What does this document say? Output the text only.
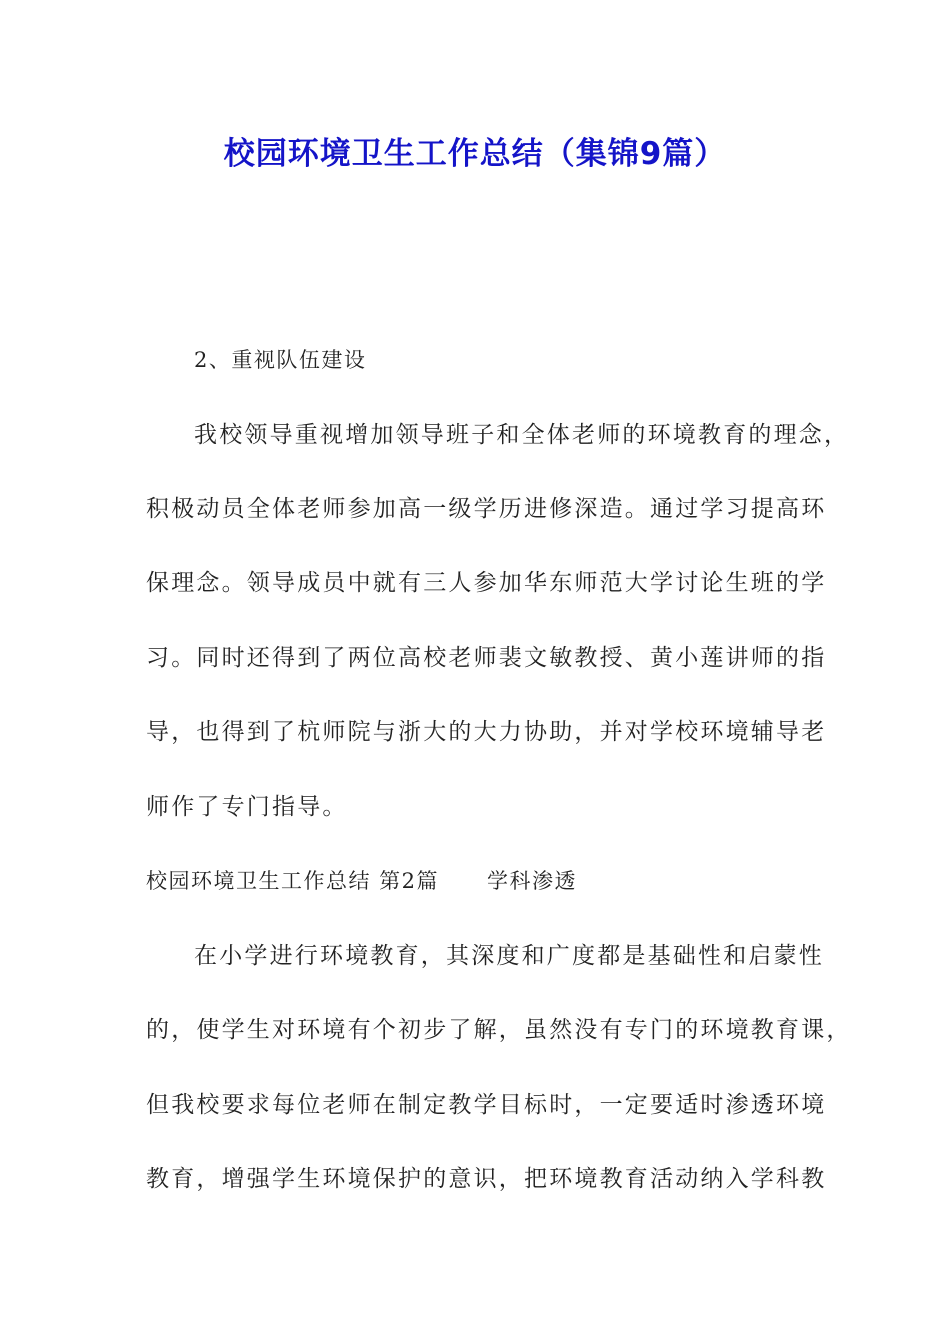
校园环境卫生工作总结（集锦9篇）

2、重视队伍建设

我校领导重视增加领导班子和全体老师的环境教育的理念，

积极动员全体老师参加高一级学历进修深造。通过学习提高环

保理念。领导成员中就有三人参加华东师范大学讨论生班的学

习。同时还得到了两位高校老师裴文敏教授、黄小莲讲师的指

导，也得到了杭师院与浙大的大力协助，并对学校环境辅导老

师作了专门指导。

校园环境卫生工作总结 第2篇 学科渗透

在小学进行环境教育，其深度和广度都是基础性和启蒙性

的，使学生对环境有个初步了解，虽然没有专门的环境教育课，

但我校要求每位老师在制定教学目标时，一定要适时渗透环境

教育，增强学生环境保护的意识，把环境教育活动纳入学科教
